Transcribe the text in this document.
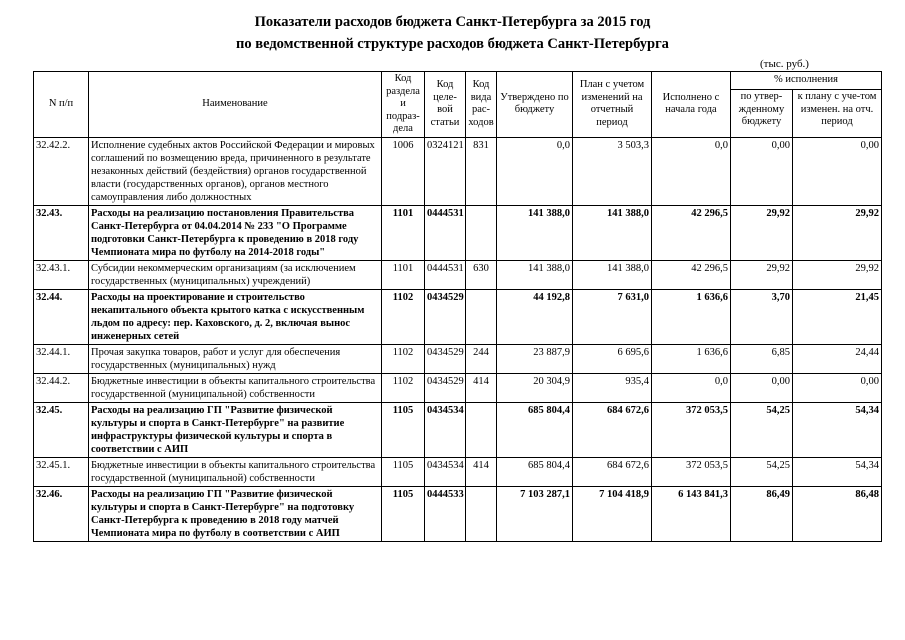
Показатели расходов бюджета Санкт-Петербурга за 2015 год
по ведомственной структуре расходов бюджета Санкт-Петербурга
(тыс. руб.)
N п/п	Наименование	Код раздела и подраз-дела	Код целе-вой статьи	Код вида рас-ходов	Утверждено по бюджету	План с учетом изменений на отчетный период	Исполнено с начала года	% исполнения	
								по утвер-жденному бюджету	к плану с уче-том изменен. на отч. период
32.42.2.	Исполнение судебных актов Российской Федерации и мировых соглашений по возмещению вреда, причиненного в результате незаконных действий (бездействия) органов государственной власти (государственных органов), органов местного самоуправления либо должностных	1006	0324121	831	0,0	3 503,3	0,0	0,00	0,00
32.43.	Расходы на реализацию постановления Правительства Санкт-Петербурга от 04.04.2014 № 233 "О Программе подготовки Санкт-Петербурга к проведению в 2018 году Чемпионата мира по футболу на 2014-2018 годы"	1101	0444531		141 388,0	141 388,0	42 296,5	29,92	29,92
32.43.1.	Субсидии некоммерческим организациям (за исключением государственных (муниципальных) учреждений)	1101	0444531	630	141 388,0	141 388,0	42 296,5	29,92	29,92
32.44.	Расходы на проектирование и строительство некапитального объекта крытого катка с искусственным льдом по адресу: пер. Каховского, д. 2, включая вынос инженерных сетей	1102	0434529		44 192,8	7 631,0	1 636,6	3,70	21,45
32.44.1.	Прочая закупка товаров, работ и услуг для обеспечения государственных (муниципальных) нужд	1102	0434529	244	23 887,9	6 695,6	1 636,6	6,85	24,44
32.44.2.	Бюджетные инвестиции в объекты капитального строительства государственной (муниципальной) собственности	1102	0434529	414	20 304,9	935,4	0,0	0,00	0,00
32.45.	Расходы на реализацию ГП "Развитие физической культуры и спорта в Санкт-Петербурге" на развитие инфраструктуры физической культуры и спорта в соответствии с АИП	1105	0434534		685 804,4	684 672,6	372 053,5	54,25	54,34
32.45.1.	Бюджетные инвестиции в объекты капитального строительства государственной (муниципальной) собственности	1105	0434534	414	685 804,4	684 672,6	372 053,5	54,25	54,34
32.46.	Расходы на реализацию ГП "Развитие физической культуры и спорта в Санкт-Петербурге" на подготовку Санкт-Петербурга к проведению в 2018 году матчей Чемпионата мира по футболу в соответствии с АИП	1105	0444533		7 103 287,1	7 104 418,9	6 143 841,3	86,49	86,48
